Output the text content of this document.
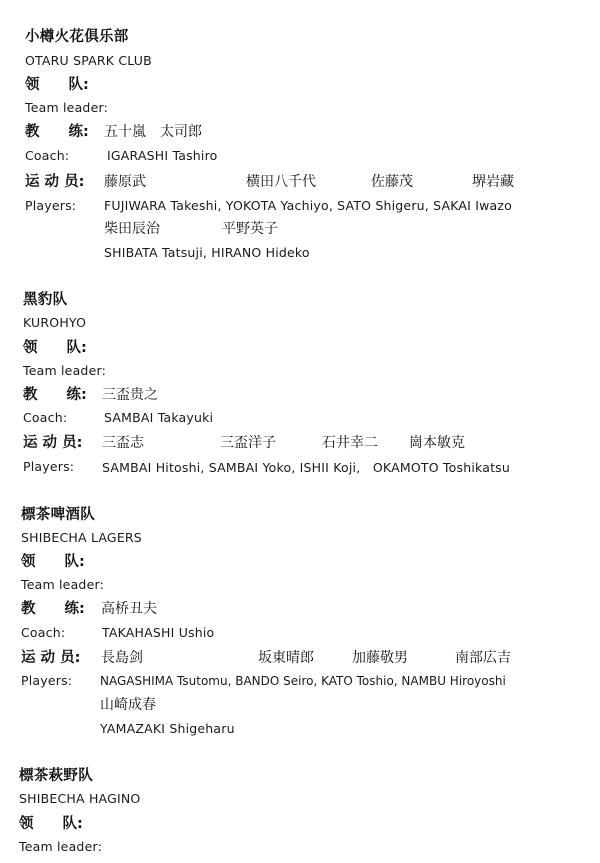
小樽火花俱乐部
OTARU SPARK CLUB
领　　队:
Team leader:
教　　练: 五十嵐　太司郎
Coach:	IGARASHI Tashiro
运 动 员: 藤原武	横田八千代	佐藤茂	堺岩藏
Players: FUJIWARA Takeshi, YOKOTA Yachiyo, SATO Shigeru, SAKAI Iwazo
柴田辰治	平野英子
SHIBATA Tatsuji, HIRANO Hideko
黑豹队
KUROHYO
领　　队:
Team leader:
教　　练: 三盃贵之
Coach:	SAMBAI Takayuki
运 动 员: 三盃志	三盃洋子	石井幸二 崗本敏克
Players: SAMBAI Hitoshi, SAMBAI Yoko, ISHII Koji,   OKAMOTO Toshikatsu
標茶啤酒队
SHIBECHA LAGERS
领　　队:
Team leader:
教　　练: 高桥丑夫
Coach:	TAKAHASHI Ushio
运 动 员: 長島剑	坂東晴郎	加藤敬男	南部広吉
Players: NAGASHIMA Tsutomu, BANDO Seiro, KATO Toshio, NAMBU Hiroyoshi
山崎成春
YAMAZAKI Shigeharu
標茶萩野队
SHIBECHA HAGINO
领　　队:
Team leader:
